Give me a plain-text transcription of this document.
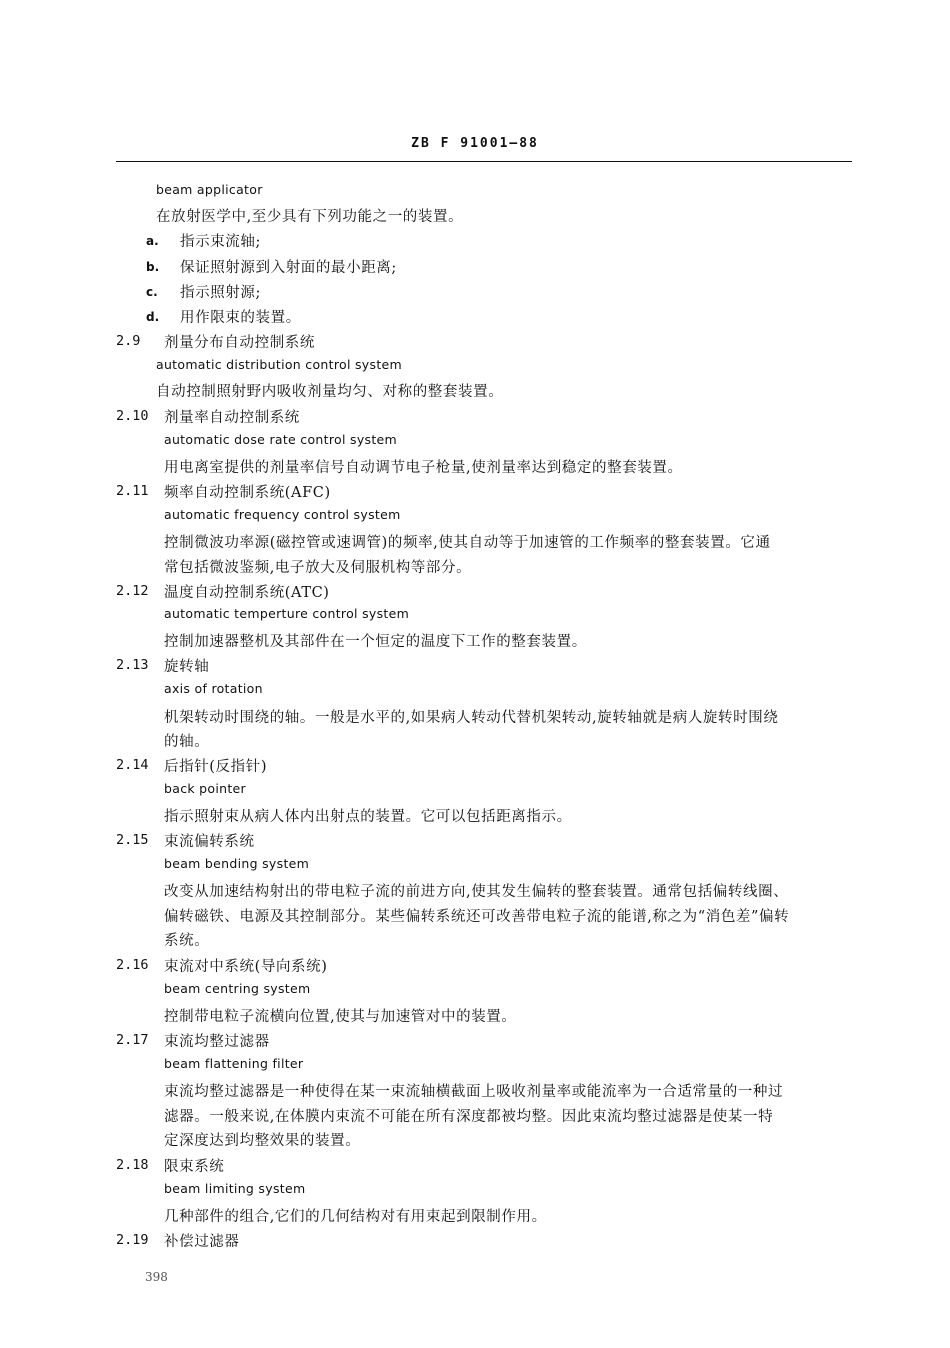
ZB F 91001—88
beam applicator
在放射医学中,至少具有下列功能之一的装置。
a. 指示束流轴;
b. 保证照射源到入射面的最小距离;
c. 指示照射源;
d. 用作限束的装置。
2.9 剂量分布自动控制系统
automatic distribution control system
自动控制照射野内吸收剂量均匀、对称的整套装置。
2.10 剂量率自动控制系统
automatic dose rate control system
用电离室提供的剂量率信号自动调节电子枪量,使剂量率达到稳定的整套装置。
2.11 频率自动控制系统(AFC)
automatic frequency control system
控制微波功率源(磁控管或速调管)的频率,使其自动等于加速管的工作频率的整套装置。它通
常包括微波鉴频,电子放大及伺服机构等部分。
2.12 温度自动控制系统(ATC)
automatic temperture control system
控制加速器整机及其部件在一个恒定的温度下工作的整套装置。
2.13 旋转轴
axis of rotation
机架转动时围绕的轴。一般是水平的,如果病人转动代替机架转动,旋转轴就是病人旋转时围绕
的轴。
2.14 后指针(反指针)
back pointer
指示照射束从病人体内出射点的装置。它可以包括距离指示。
2.15 束流偏转系统
beam bending system
改变从加速结构射出的带电粒子流的前进方向,使其发生偏转的整套装置。通常包括偏转线圈、
偏转磁铁、电源及其控制部分。某些偏转系统还可改善带电粒子流的能谱,称之为“消色差”偏转
系统。
2.16 束流对中系统(导向系统)
beam centring system
控制带电粒子流横向位置,使其与加速管对中的装置。
2.17 束流均整过滤器
beam flattening filter
束流均整过滤器是一种使得在某一束流轴横截面上吸收剂量率或能流率为一合适常量的一种过
滤器。一般来说,在体膜内束流不可能在所有深度都被均整。因此束流均整过滤器是使某一特
定深度达到均整效果的装置。
2.18 限束系统
beam limiting system
几种部件的组合,它们的几何结构对有用束起到限制作用。
2.19 补偿过滤器
398
